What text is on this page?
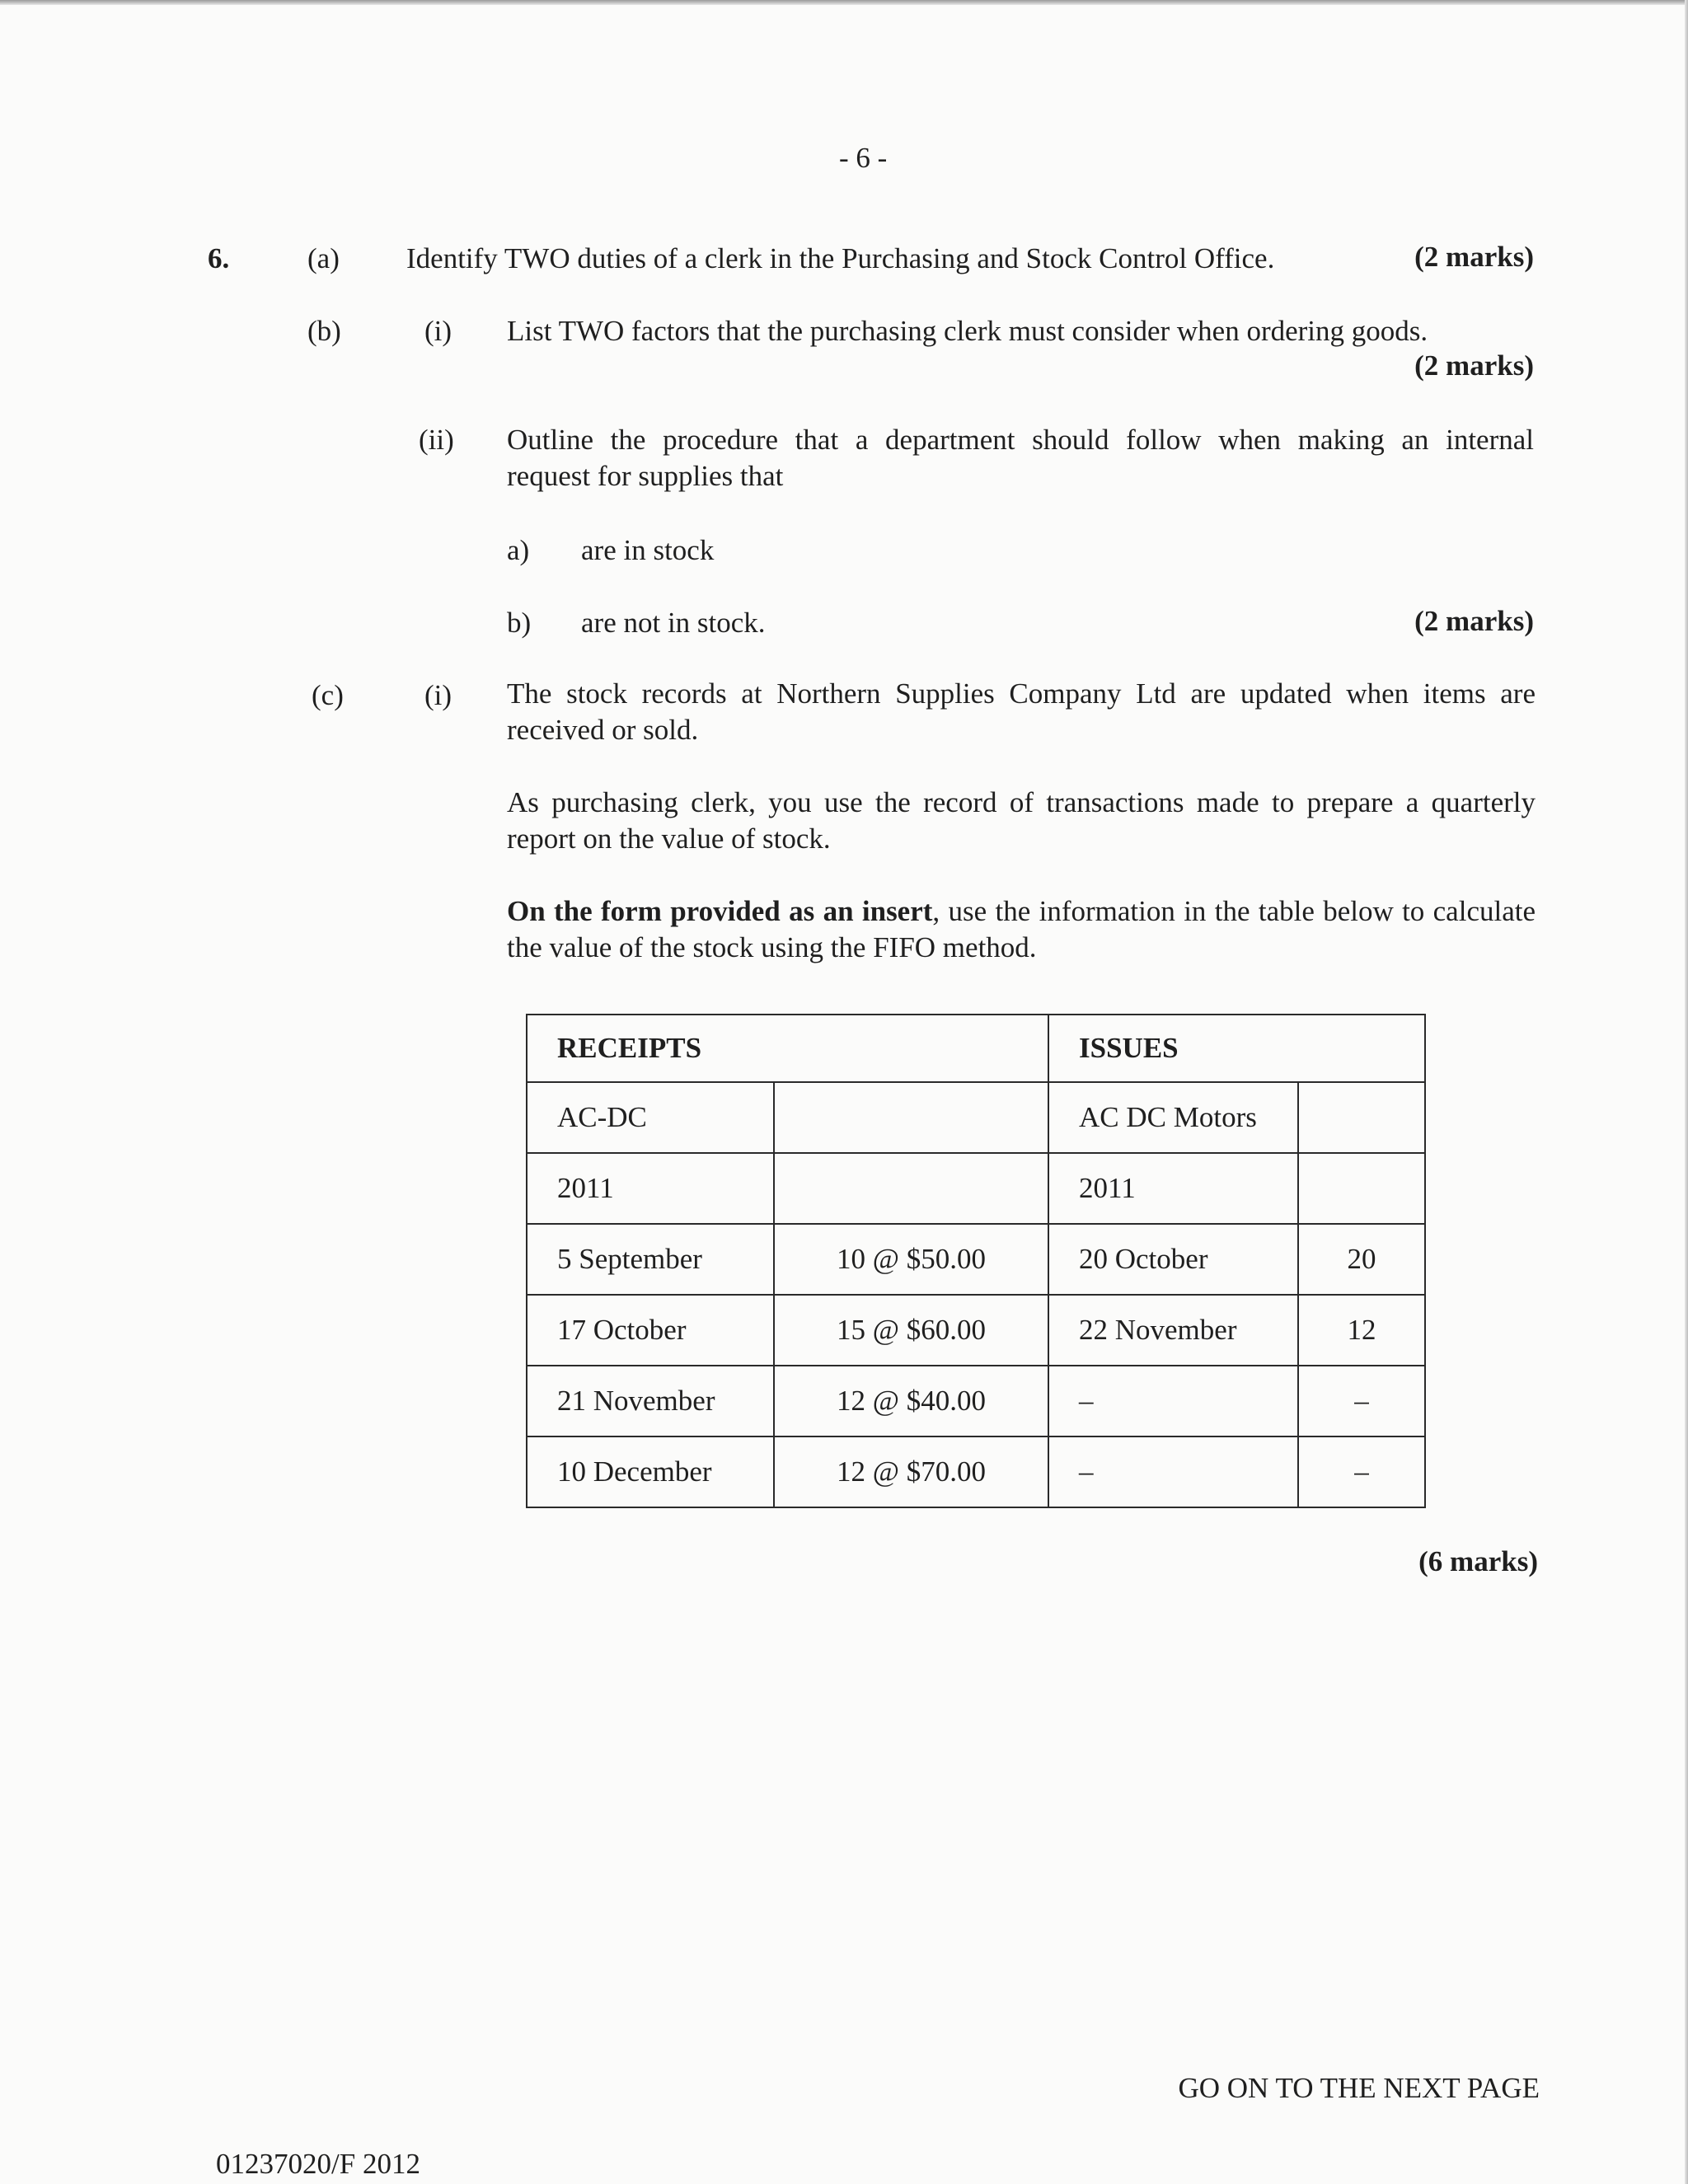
- 6 -
6.	(a) Identify TWO duties of a clerk in the Purchasing and Stock Control Office.	(2 marks)
(b)	(i) List TWO factors that the purchasing clerk must consider when ordering goods.
(2 marks)
(ii) Outline the procedure that a department should follow when making an internal
request for supplies that
a) are in stock
b) are not in stock.	(2 marks)
(c)	(i) The stock records at Northern Supplies Company Ltd are updated when items are
received or sold.
As purchasing clerk, you use the record of transactions made to prepare a quarterly
report on the value of stock.
On the form provided as an insert, use the information in the table below to calculate
the value of the stock using the FIFO method.
RECEIPTS		ISSUES	
AC-DC		AC DC Motors	
2011		2011	
5 September	10 @ $50.00	20 October	20
17 October	15 @ $60.00	22 November	12
21 November	12 @ $40.00	–	–
10 December	12 @ $70.00	–	–
(6 marks)
GO ON TO THE NEXT PAGE
01237020/F 2012
